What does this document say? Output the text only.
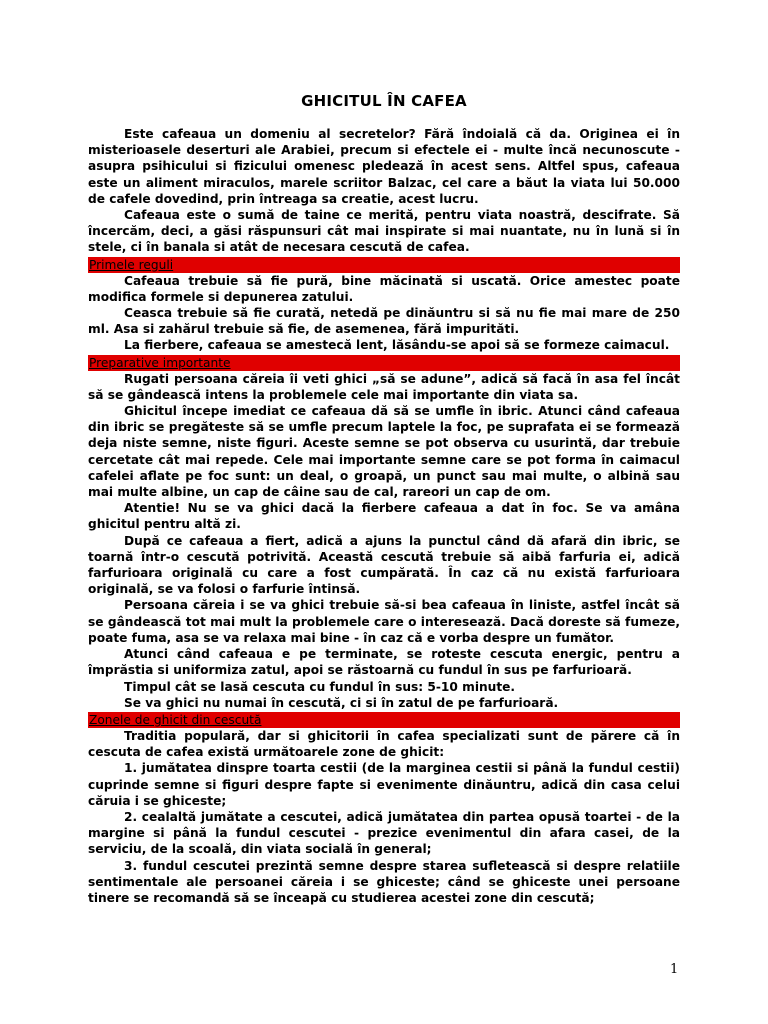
GHICITUL ÎN CAFEA

Este cafeaua un domeniu al secretelor? Fără îndoială că da. Originea ei în misterioasele deserturi ale Arabiei, precum si efectele ei - multe încă necunoscute - asupra psihicului si fizicului omenesc pledează în acest sens. Altfel spus, cafeaua este un aliment miraculos, marele scriitor Balzac, cel care a băut la viata lui 50.000 de cafele dovedind, prin întreaga sa creatie, acest lucru.

Cafeaua este o sumă de taine ce merită, pentru viata noastră, descifrate. Să încercăm, deci, a găsi răspunsuri cât mai inspirate si mai nuantate, nu în lună si în stele, ci în banala si atât de necesara cescută de cafea.

Primele reguli

Cafeaua trebuie să fie pură, bine măcinată si uscată. Orice amestec poate modifica formele si depunerea zatului.

Ceasca trebuie să fie curată, netedă pe dinăuntru si să nu fie mai mare de 250 ml. Asa si zahărul trebuie să fie, de asemenea, fără impurităti.

La fierbere, cafeaua se amestecă lent, lăsându-se apoi să se formeze caimacul.

Preparative importante

Rugati persoana căreia îi veti ghici „să se adune”, adică să facă în asa fel încât să se gândească intens la problemele cele mai importante din viata sa.

Ghicitul începe imediat ce cafeaua dă să se umfle în ibric. Atunci când cafeaua din ibric se pregăteste să se umfle precum laptele la foc, pe suprafata ei se formează deja niste semne, niste figuri. Aceste semne se pot observa cu usurintă, dar trebuie cercetate cât mai repede. Cele mai importante semne care se pot forma în caimacul cafelei aflate pe foc sunt: un deal, o groapă, un punct sau mai multe, o albină sau mai multe albine, un cap de câine sau de cal, rareori un cap de om.

Atentie! Nu se va ghici dacă la fierbere cafeaua a dat în foc. Se va amâna ghicitul pentru altă zi.

După ce cafeaua a fiert, adică a ajuns la punctul când dă afară din ibric, se toarnă într-o cescută potrivită. Această cescută trebuie să aibă farfuria ei, adică farfurioara originală cu care a fost cumpărată. În caz că nu există farfurioara originală, se va folosi o farfurie întinsă.

Persoana căreia i se va ghici trebuie să-si bea cafeaua în liniste, astfel încât să se gândească tot mai mult la problemele care o interesează. Dacă doreste să fumeze, poate fuma, asa se va relaxa mai bine - în caz că e vorba despre un fumător.

Atunci când cafeaua e pe terminate, se roteste cescuta energic, pentru a împrăstia si uniformiza zatul, apoi se răstoarnă cu fundul în sus pe farfurioară.

Timpul cât se lasă cescuta cu fundul în sus: 5-10 minute.

Se va ghici nu numai în cescută, ci si în zatul de pe farfurioară.

Zonele de ghicit din cescută

Traditia populară, dar si ghicitorii în cafea specializati sunt de părere că în cescuta de cafea există următoarele zone de ghicit:

1. jumătatea dinspre toarta cestii (de la marginea cestii si până la fundul cestii) cuprinde semne si figuri despre fapte si evenimente dinăuntru, adică din casa celui căruia i se ghiceste;

2. cealaltă jumătate a cescutei, adică jumătatea din partea opusă toartei - de la margine si până la fundul cescutei - prezice evenimentul din afara casei, de la serviciu, de la scoală, din viata socială în general;

3. fundul cescutei prezintă semne despre starea sufletească si despre relatiile sentimentale ale persoanei căreia i se ghiceste; când se ghiceste unei persoane tinere se recomandă să se înceapă cu studierea acestei zone din cescută;

1
